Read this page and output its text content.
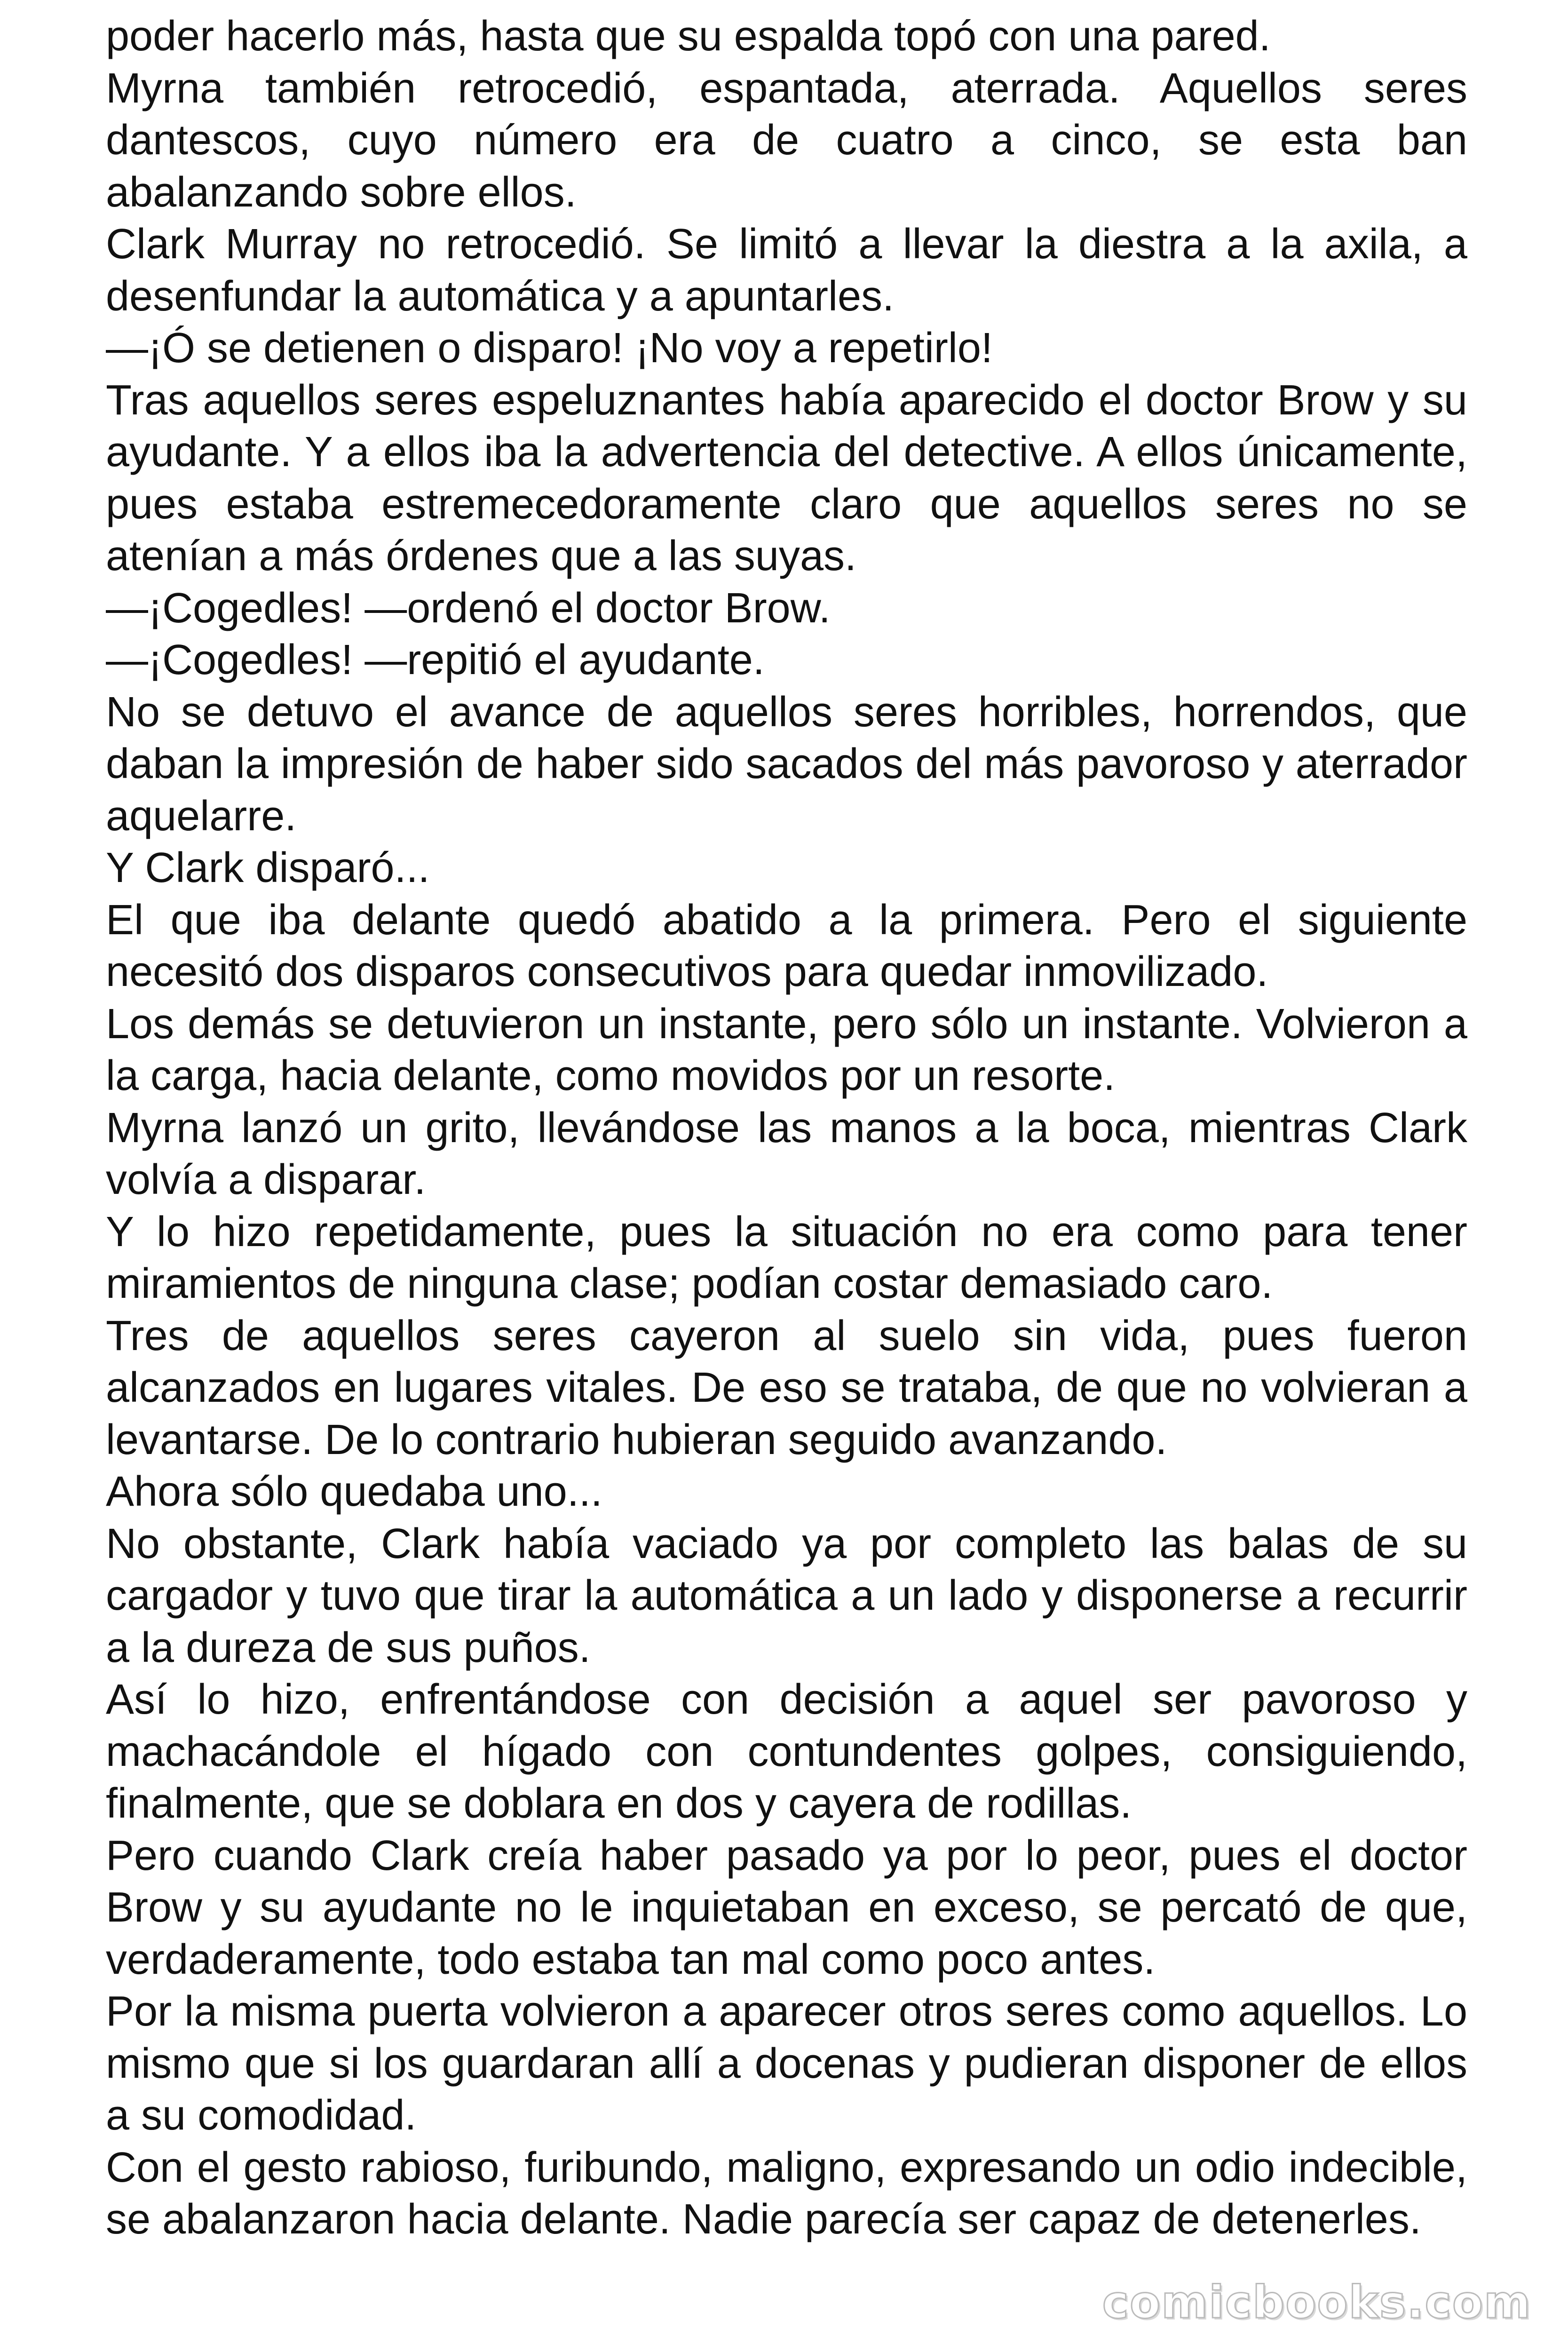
poder hacerlo más, hasta que su espalda topó con una pared.

Myrna también retrocedió, espantada, aterrada. Aquellos seres dantescos, cuyo número era de cuatro a cinco, se esta ban abalanzando sobre ellos.

Clark Murray no retrocedió. Se limitó a llevar la diestra a la axila, a desenfundar la automática y a apuntarles.

—¡Ó se detienen o disparo! ¡No voy a repetirlo!

Tras aquellos seres espeluznantes había aparecido el doctor Brow y su ayudante. Y a ellos iba la advertencia del detective. A ellos únicamente, pues estaba estremecedoramente claro que aquellos seres no se atenían a más órdenes que a las suyas.

—¡Cogedles! —ordenó el doctor Brow.

—¡Cogedles! —repitió el ayudante.

No se detuvo el avance de aquellos seres horribles, horrendos, que daban la impresión de haber sido sacados del más pavoroso y aterrador aquelarre.

Y Clark disparó...

El que iba delante quedó abatido a la primera. Pero el siguiente necesitó dos disparos consecutivos para quedar inmovilizado.

Los demás se detuvieron un instante, pero sólo un instante. Volvieron a la carga, hacia delante, como movidos por un resorte.

Myrna lanzó un grito, llevándose las manos a la boca, mientras Clark volvía a disparar.

Y lo hizo repetidamente, pues la situación no era como para tener miramientos de ninguna clase; podían costar demasiado caro.

Tres de aquellos seres cayeron al suelo sin vida, pues fueron alcanzados en lugares vitales. De eso se trataba, de que no volvieran a levantarse. De lo contrario hubieran seguido avanzando.

Ahora sólo quedaba uno...

No obstante, Clark había vaciado ya por completo las balas de su cargador y tuvo que tirar la automática a un lado y disponerse a recurrir a la dureza de sus puños.

Así lo hizo, enfrentándose con decisión a aquel ser pavoroso y machacándole el hígado con contundentes golpes, consiguiendo, finalmente, que se doblara en dos y cayera de rodillas.

Pero cuando Clark creía haber pasado ya por lo peor, pues el doctor Brow y su ayudante no le inquietaban en exceso, se percató de que, verdaderamente, todo estaba tan mal como poco antes.

Por la misma puerta volvieron a aparecer otros seres como aquellos. Lo mismo que si los guardaran allí a docenas y pudieran disponer de ellos a su comodidad.

Con el gesto rabioso, furibundo, maligno, expresando un odio indecible, se abalanzaron hacia delante. Nadie parecía ser capaz de detenerles.

comicbooks.com
